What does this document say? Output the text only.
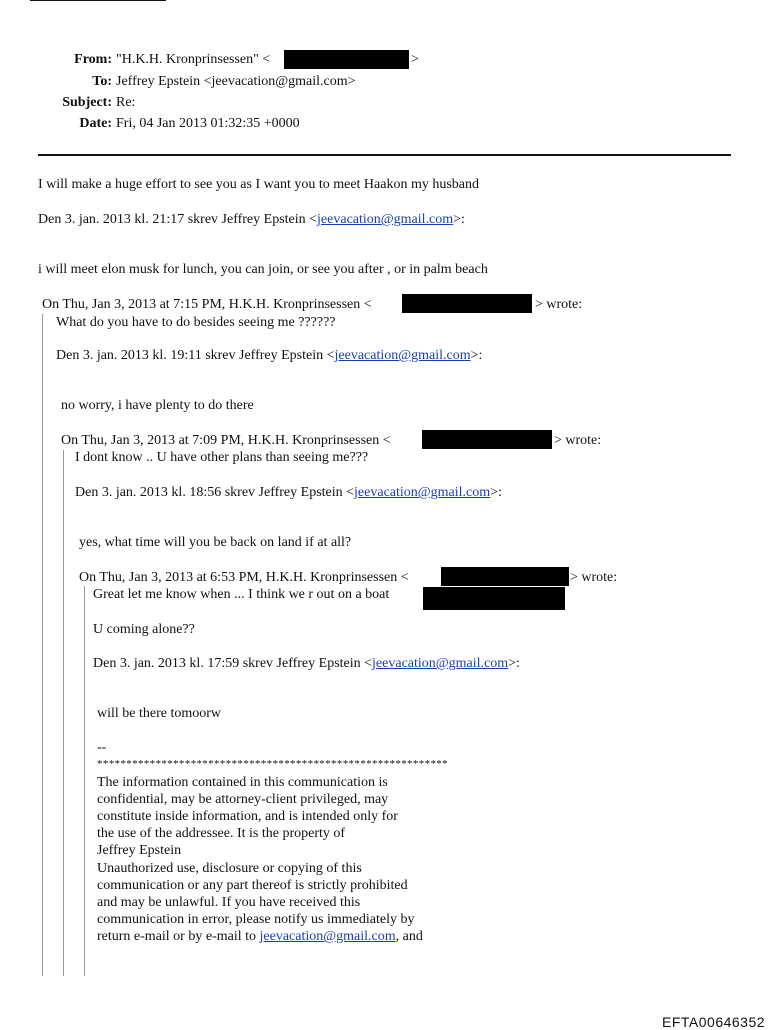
From: "H.K.H. Kronprinsessen" <	>
To: Jeffrey Epstein <jeevacation@gmail.com>
Subject: Re:
Date: Fri, 04 Jan 2013 01:32:35 +0000
I will make a huge effort to see you as I want you to meet Haakon my husband
Den 3. jan. 2013 kl. 21:17 skrev Jeffrey Epstein <jeevacation@gmail.com>:
i will meet elon musk for lunch, you can join, or see you after , or in palm beach
On Thu, Jan 3, 2013 at 7:15 PM, H.K.H. Kronprinsessen <	> wrote:
What do you have to do besides seeing me ??????
Den 3. jan. 2013 kl. 19:11 skrev Jeffrey Epstein <jeevacation@gmail.com>:
no worry, i have plenty to do there
On Thu, Jan 3, 2013 at 7:09 PM, H.K.H. Kronprinsessen <	> wrote:
I dont know .. U have other plans than seeing me???
Den 3. jan. 2013 kl. 18:56 skrev Jeffrey Epstein <jeevacation@gmail.com>:
yes, what time will you be back on land if at all?
On Thu, Jan 3, 2013 at 6:53 PM, H.K.H. Kronprinsessen <	> wrote:
Great let me know when ... I think we r out on a boat
U coming alone??
Den 3. jan. 2013 kl. 17:59 skrev Jeffrey Epstein <jeevacation@gmail.com>:
will be there tomoorw
--
************************************************************
The information contained in this communication is
confidential, may be attorney-client privileged, may
constitute inside information, and is intended only for
the use of the addressee. It is the property of
Jeffrey Epstein
Unauthorized use, disclosure or copying of this
communication or any part thereof is strictly prohibited
and may be unlawful. If you have received this
communication in error, please notify us immediately by
return e-mail or by e-mail to jeevacation@gmail.com, and
EFTA00646352
